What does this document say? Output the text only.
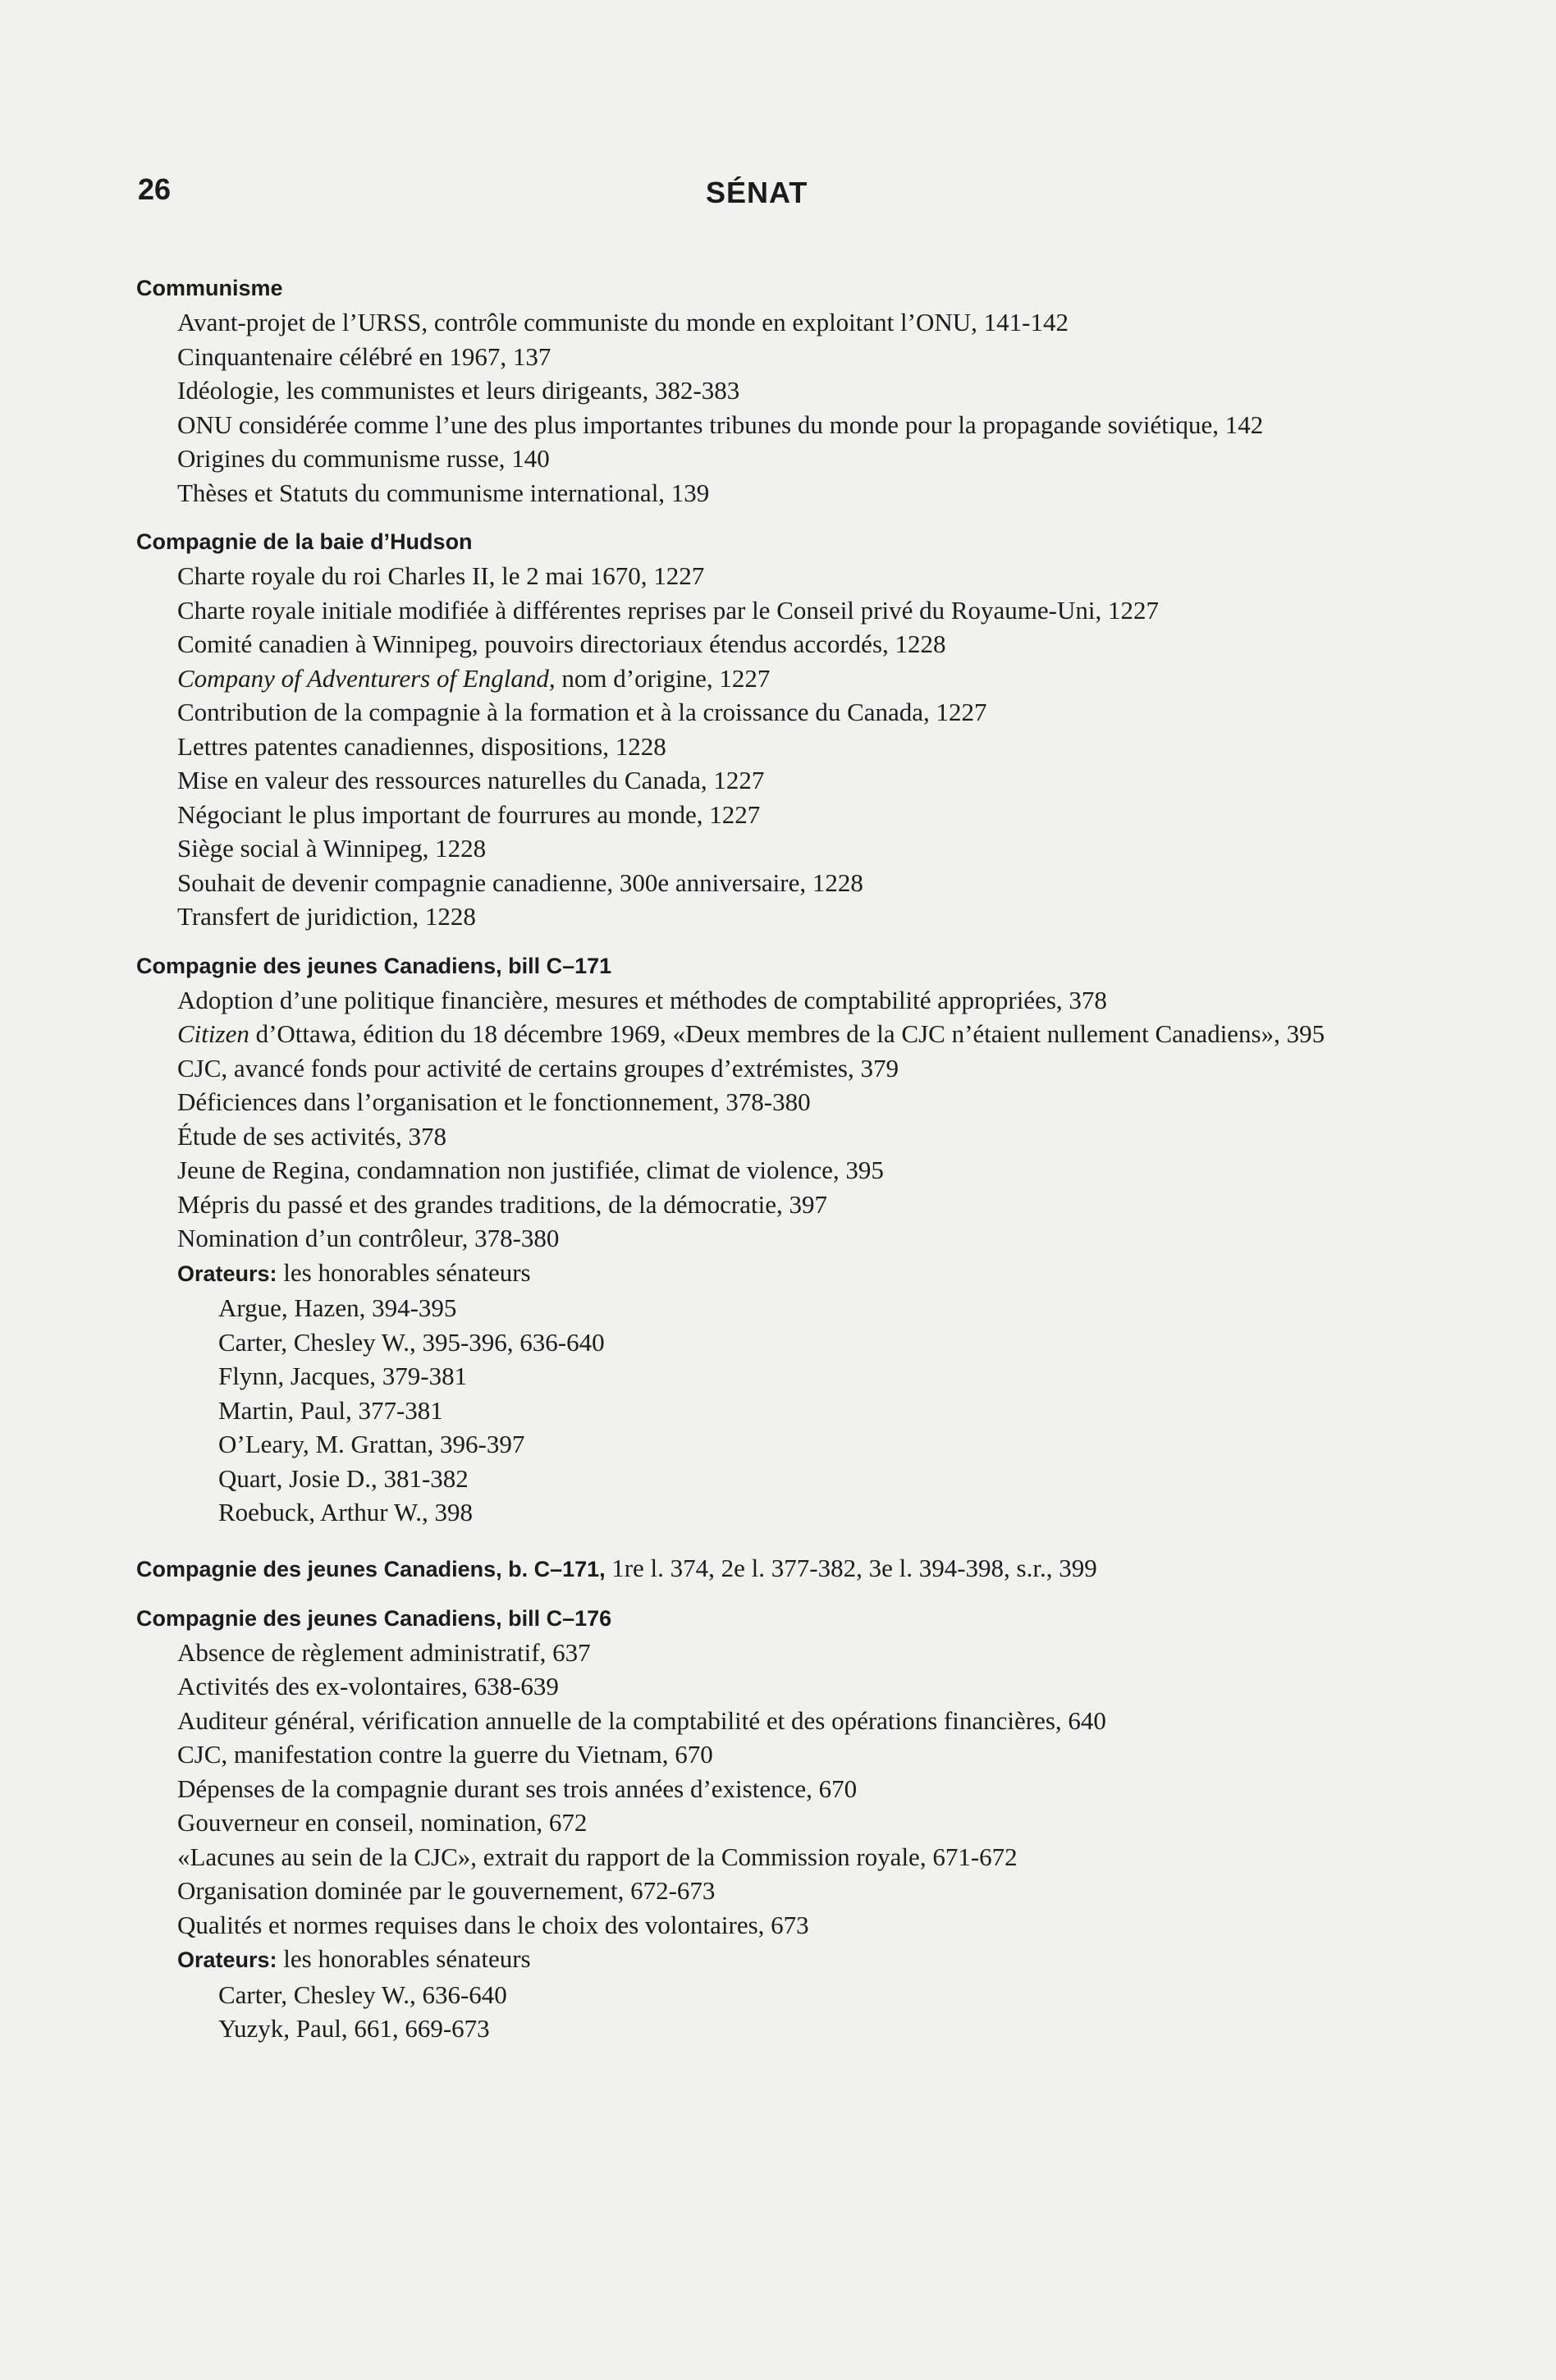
26	SÉNAT
Communisme
Avant-projet de l’URSS, contrôle communiste du monde en exploitant l’ONU, 141-142
Cinquantenaire célébré en 1967, 137
Idéologie, les communistes et leurs dirigeants, 382-383
ONU considérée comme l’une des plus importantes tribunes du monde pour la propagande soviétique, 142
Origines du communisme russe, 140
Thèses et Statuts du communisme international, 139
Compagnie de la baie d’Hudson
Charte royale du roi Charles II, le 2 mai 1670, 1227
Charte royale initiale modifiée à différentes reprises par le Conseil privé du Royaume-Uni, 1227
Comité canadien à Winnipeg, pouvoirs directoriaux étendus accordés, 1228
Company of Adventurers of England, nom d’origine, 1227
Contribution de la compagnie à la formation et à la croissance du Canada, 1227
Lettres patentes canadiennes, dispositions, 1228
Mise en valeur des ressources naturelles du Canada, 1227
Négociant le plus important de fourrures au monde, 1227
Siège social à Winnipeg, 1228
Souhait de devenir compagnie canadienne, 300e anniversaire, 1228
Transfert de juridiction, 1228
Compagnie des jeunes Canadiens, bill C–171
Adoption d’une politique financière, mesures et méthodes de comptabilité appropriées, 378
Citizen d’Ottawa, édition du 18 décembre 1969, «Deux membres de la CJC n’étaient nullement Canadiens», 395
CJC, avancé fonds pour activité de certains groupes d’extrémistes, 379
Déficiences dans l’organisation et le fonctionnement, 378-380
Étude de ses activités, 378
Jeune de Regina, condamnation non justifiée, climat de violence, 395
Mépris du passé et des grandes traditions, de la démocratie, 397
Nomination d’un contrôleur, 378-380
Orateurs: les honorables sénateurs
Argue, Hazen, 394-395
Carter, Chesley W., 395-396, 636-640
Flynn, Jacques, 379-381
Martin, Paul, 377-381
O’Leary, M. Grattan, 396-397
Quart, Josie D., 381-382
Roebuck, Arthur W., 398
Compagnie des jeunes Canadiens, b. C–171, 1re l. 374, 2e l. 377-382, 3e l. 394-398, s.r., 399
Compagnie des jeunes Canadiens, bill C–176
Absence de règlement administratif, 637
Activités des ex-volontaires, 638-639
Auditeur général, vérification annuelle de la comptabilité et des opérations financières, 640
CJC, manifestation contre la guerre du Vietnam, 670
Dépenses de la compagnie durant ses trois années d’existence, 670
Gouverneur en conseil, nomination, 672
«Lacunes au sein de la CJC», extrait du rapport de la Commission royale, 671-672
Organisation dominée par le gouvernement, 672-673
Qualités et normes requises dans le choix des volontaires, 673
Orateurs: les honorables sénateurs
Carter, Chesley W., 636-640
Yuzyk, Paul, 661, 669-673
